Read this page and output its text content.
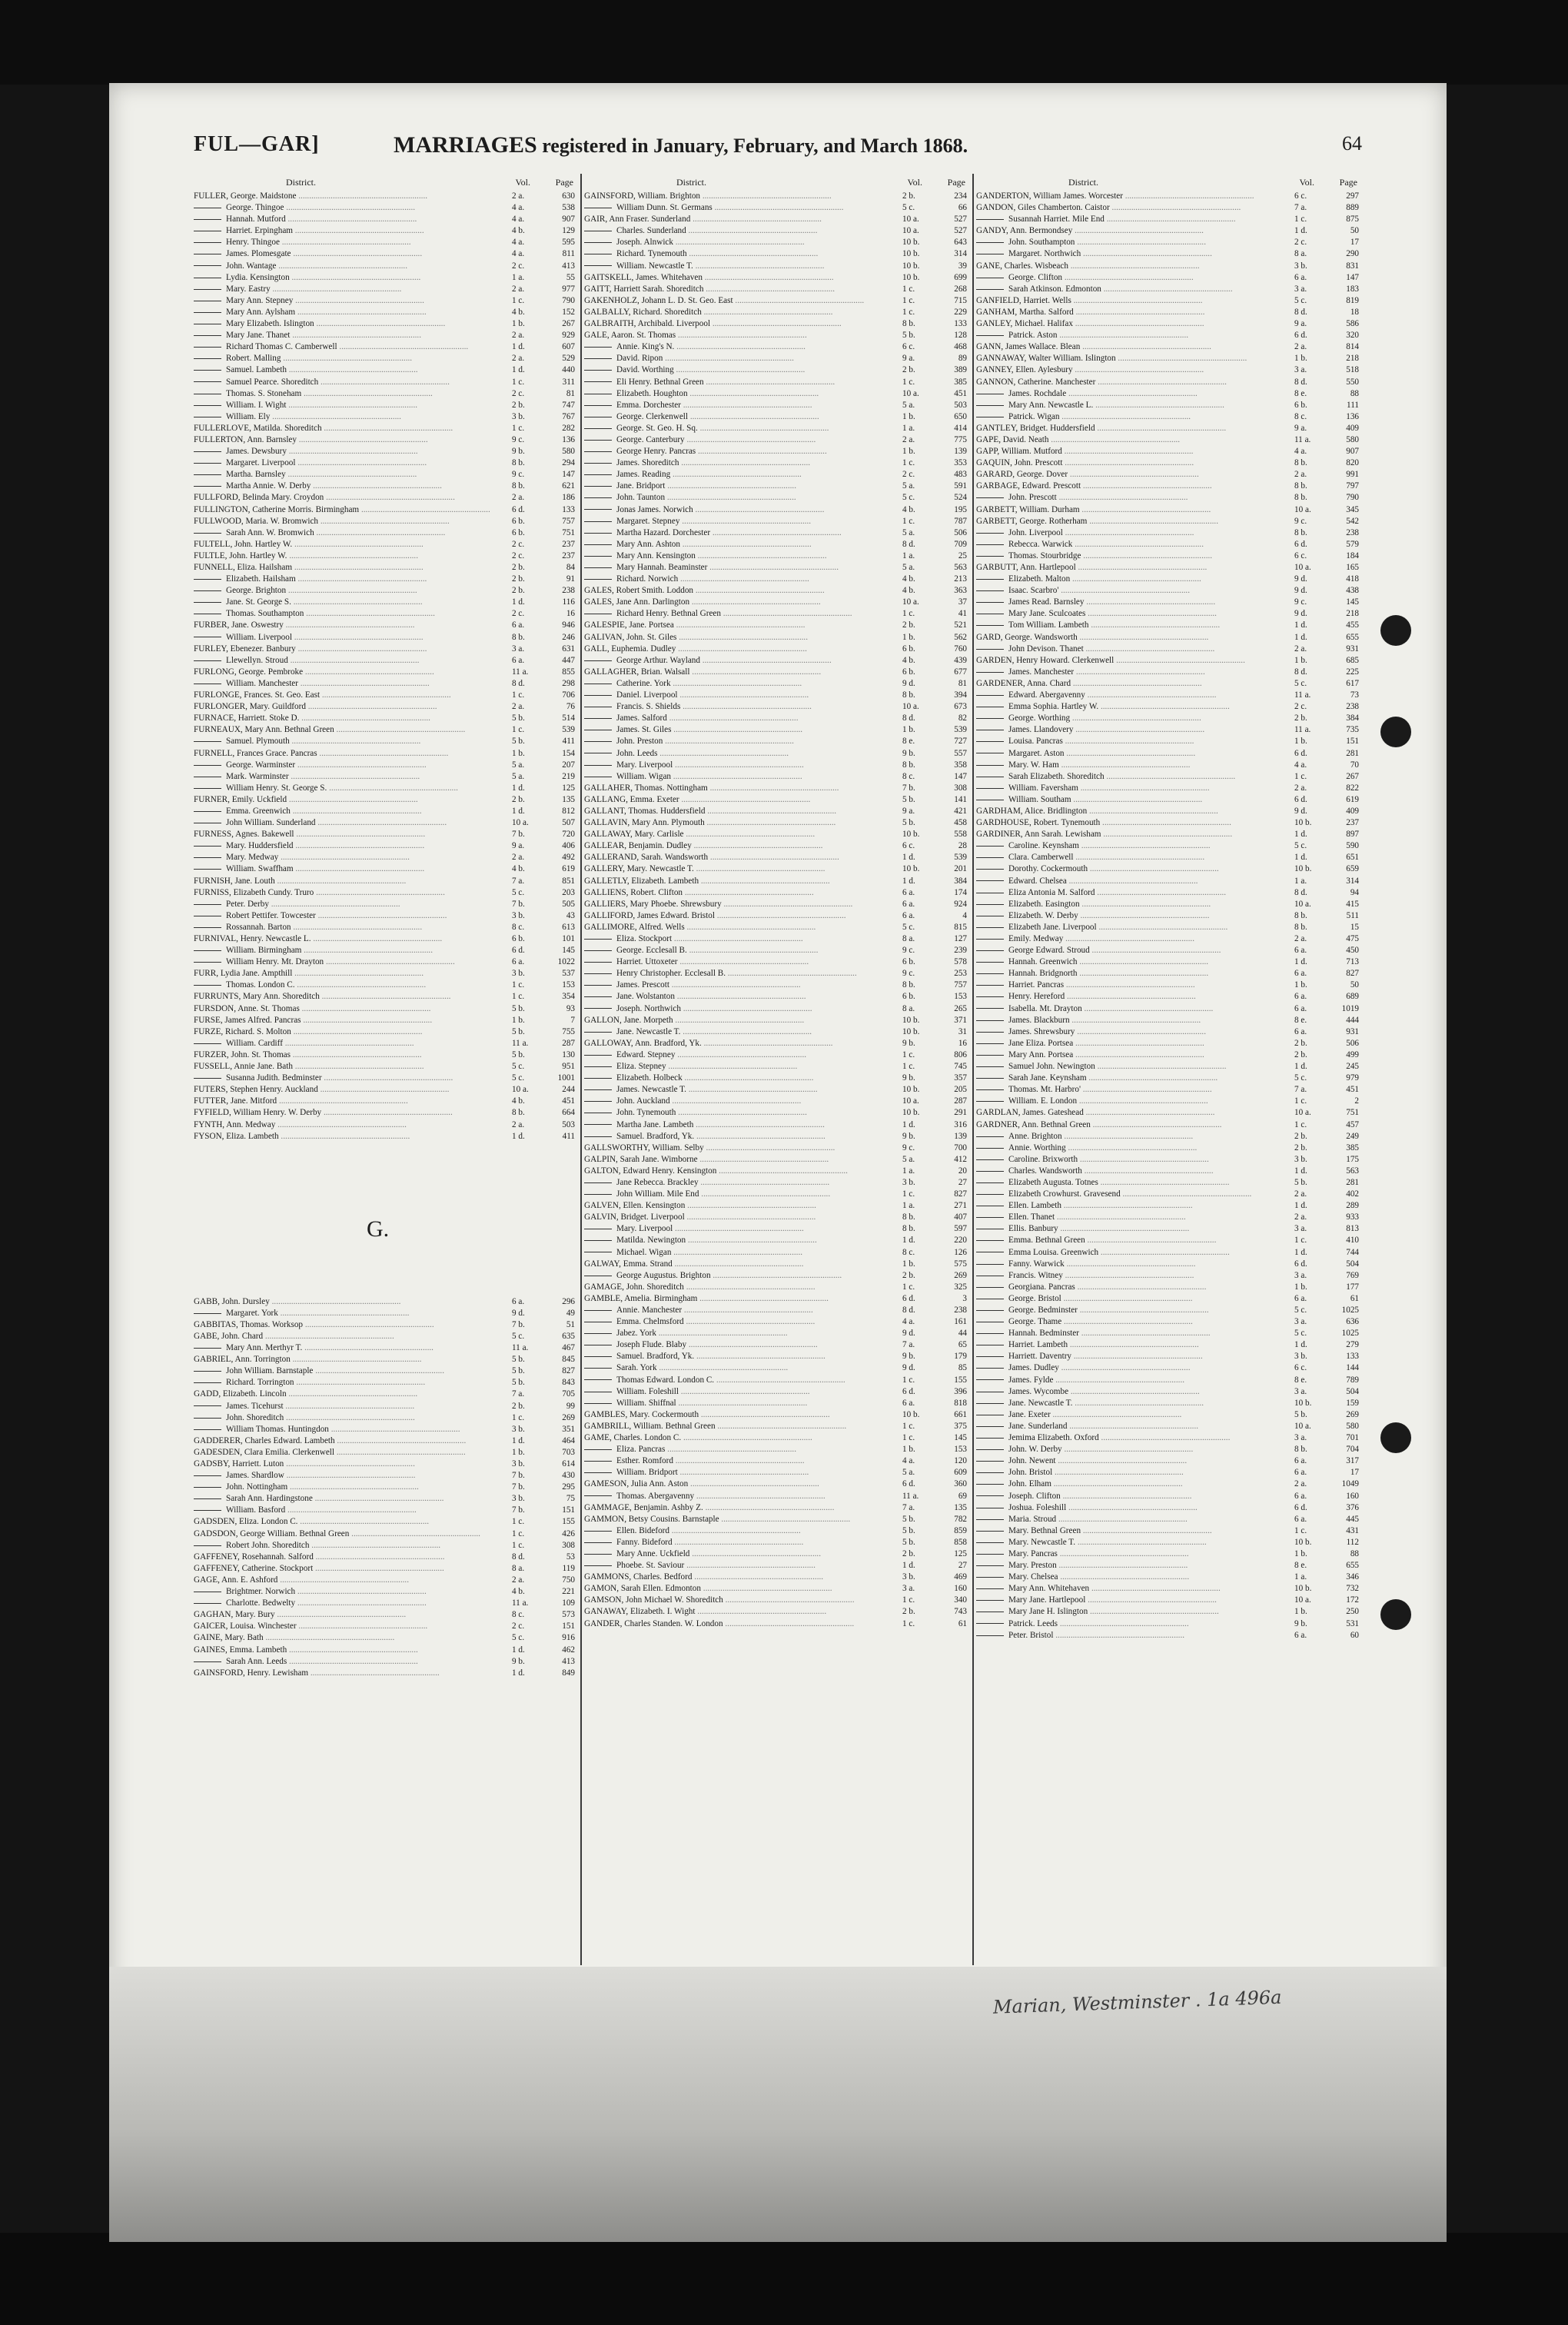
FUL—GAR]	MARRIAGES registered in January, February, and March 1868.	64
District.	Vol.	Page
FULLER, George. Maidstone ............................................................	2 a.	630
George. Thingoe ............................................................	4 a.	538
Hannah. Mutford ............................................................	4 a.	907
Harriet. Erpingham ............................................................	4 b.	129
Henry. Thingoe ............................................................	4 a.	595
James. Plomesgate ............................................................	4 a.	811
John. Wantage ............................................................	2 c.	413
Lydia. Kensington ............................................................	1 a.	55
Mary. Eastry ............................................................	2 a.	977
Mary Ann. Stepney ............................................................	1 c.	790
Mary Ann. Aylsham ............................................................	4 b.	152
Mary Elizabeth. Islington ............................................................	1 b.	267
Mary Jane. Thanet ............................................................	2 a.	929
Richard Thomas C. Camberwell ............................................................	1 d.	607
Robert. Malling ............................................................	2 a.	529
Samuel. Lambeth ............................................................	1 d.	440
Samuel Pearce. Shoreditch ............................................................	1 c.	311
Thomas. S. Stoneham ............................................................	2 c.	81
William. I. Wight ............................................................	2 b.	747
William. Ely ............................................................	3 b.	767
FULLERLOVE, Matilda. Shoreditch ............................................................	1 c.	282
FULLERTON, Ann. Barnsley ............................................................	9 c.	136
James. Dewsbury ............................................................	9 b.	580
Margaret. Liverpool ............................................................	8 b.	294
Martha. Barnsley ............................................................	9 c.	147
Martha Annie. W. Derby ............................................................	8 b.	621
FULLFORD, Belinda Mary. Croydon ............................................................	2 a.	186
FULLINGTON, Catherine Morris. Birmingham ............................................................	6 d.	133
FULLWOOD, Maria. W. Bromwich ............................................................	6 b.	757
Sarah Ann. W. Bromwich ............................................................	6 b.	751
FULTELL, John. Hartley W. ............................................................	2 c.	237
FULTLE, John. Hartley W. ............................................................	2 c.	237
FUNNELL, Eliza. Hailsham ............................................................	2 b.	84
Elizabeth. Hailsham ............................................................	2 b.	91
George. Brighton ............................................................	2 b.	238
Jane. St. George S. ............................................................	1 d.	116
Thomas. Southampton ............................................................	2 c.	16
FURBER, Jane. Oswestry ............................................................	6 a.	946
William. Liverpool ............................................................	8 b.	246
FURLEY, Ebenezer. Banbury ............................................................	3 a.	631
Llewellyn. Stroud ............................................................	6 a.	447
FURLONG, George. Pembroke ............................................................	11 a.	855
William. Manchester ............................................................	8 d.	298
FURLONGE, Frances. St. Geo. East ............................................................	1 c.	706
FURLONGER, Mary. Guildford ............................................................	2 a.	76
FURNACE, Harriett. Stoke D. ............................................................	5 b.	514
FURNEAUX, Mary Ann. Bethnal Green ............................................................	1 c.	539
Samuel. Plymouth ............................................................	5 b.	411
FURNELL, Frances Grace. Pancras ............................................................	1 b.	154
George. Warminster ............................................................	5 a.	207
Mark. Warminster ............................................................	5 a.	219
William Henry. St. George S. ............................................................	1 d.	125
FURNER, Emily. Uckfield ............................................................	2 b.	135
Emma. Greenwich ............................................................	1 d.	812
John William. Sunderland ............................................................	10 a.	507
FURNESS, Agnes. Bakewell ............................................................	7 b.	720
Mary. Huddersfield ............................................................	9 a.	406
Mary. Medway ............................................................	2 a.	492
William. Swaffham ............................................................	4 b.	619
FURNISH, Jane. Louth ............................................................	7 a.	851
FURNISS, Elizabeth Cundy. Truro ............................................................	5 c.	203
Peter. Derby ............................................................	7 b.	505
Robert Pettifer. Towcester ............................................................	3 b.	43
Rossannah. Barton ............................................................	8 c.	613
FURNIVAL, Henry. Newcastle L. ............................................................	6 b.	101
William. Birmingham ............................................................	6 d.	145
William Henry. Mt. Drayton ............................................................	6 a.	1022
FURR, Lydia Jane. Ampthill ............................................................	3 b.	537
Thomas. London C. ............................................................	1 c.	153
FURRUNTS, Mary Ann. Shoreditch ............................................................	1 c.	354
FURSDON, Anne. St. Thomas ............................................................	5 b.	93
FURSE, James Alfred. Pancras ............................................................	1 b.	7
FURZE, Richard. S. Molton ............................................................	5 b.	755
William. Cardiff ............................................................	11 a.	287
FURZER, John. St. Thomas ............................................................	5 b.	130
FUSSELL, Annie Jane. Bath ............................................................	5 c.	951
Susanna Judith. Bedminster ............................................................	5 c.	1001
FUTERS, Stephen Henry. Auckland ............................................................	10 a.	244
FUTTER, Jane. Mitford ............................................................	4 b.	451
FYFIELD, William Henry. W. Derby ............................................................	8 b.	664
FYNTH, Ann. Medway ............................................................	2 a.	503
FYSON, Eliza. Lambeth ............................................................	1 d.	411
G.
GABB, John. Dursley ............................................................	6 a.	296
Margaret. York ............................................................	9 d.	49
GABBITAS, Thomas. Worksop ............................................................	7 b.	51
GABE, John. Chard ............................................................	5 c.	635
Mary Ann. Merthyr T. ............................................................	11 a.	467
GABRIEL, Ann. Torrington ............................................................	5 b.	845
John William. Barnstaple ............................................................	5 b.	827
Richard. Torrington ............................................................	5 b.	843
GADD, Elizabeth. Lincoln ............................................................	7 a.	705
James. Ticehurst ............................................................	2 b.	99
John. Shoreditch ............................................................	1 c.	269
William Thomas. Huntingdon ............................................................	3 b.	351
GADDERER, Charles Edward. Lambeth ............................................................	1 d.	464
GADESDEN, Clara Emilia. Clerkenwell ............................................................	1 b.	703
GADSBY, Harriett. Luton ............................................................	3 b.	614
James. Shardlow ............................................................	7 b.	430
John. Nottingham ............................................................	7 b.	295
Sarah Ann. Hardingstone ............................................................	3 b.	75
William. Basford ............................................................	7 b.	151
GADSDEN, Eliza. London C. ............................................................	1 c.	155
GADSDON, George William. Bethnal Green ............................................................	1 c.	426
Robert John. Shoreditch ............................................................	1 c.	308
GAFFENEY, Rosehannah. Salford ............................................................	8 d.	53
GAFFENEY, Catherine. Stockport ............................................................	8 a.	119
GAGE, Ann. E. Ashford ............................................................	2 a.	750
Brightmer. Norwich ............................................................	4 b.	221
Charlotte. Bedwelty ............................................................	11 a.	109
GAGHAN, Mary. Bury ............................................................	8 c.	573
GAICER, Louisa. Winchester ............................................................	2 c.	151
GAINE, Mary. Bath ............................................................	5 c.	916
GAINES, Emma. Lambeth ............................................................	1 d.	462
Sarah Ann. Leeds ............................................................	9 b.	413
GAINSFORD, Henry. Lewisham ............................................................	1 d.	849
District.	Vol.	Page
GAINSFORD, William. Brighton ............................................................	2 b.	234
William Dunn. St. Germans ............................................................	5 c.	66
GAIR, Ann Fraser. Sunderland ............................................................	10 a.	527
Charles. Sunderland ............................................................	10 a.	527
Joseph. Alnwick ............................................................	10 b.	643
Richard. Tynemouth ............................................................	10 b.	314
William. Newcastle T. ............................................................	10 b.	39
GAITSKELL, James. Whitehaven ............................................................	10 b.	699
GAITT, Harriett Sarah. Shoreditch ............................................................	1 c.	268
GAKENHOLZ, Johann L. D. St. Geo. East ............................................................	1 c.	715
GALBALLY, Richard. Shoreditch ............................................................	1 c.	229
GALBRAITH, Archibald. Liverpool ............................................................	8 b.	133
GALE, Aaron. St. Thomas ............................................................	5 b.	128
Annie. King's N. ............................................................	6 c.	468
David. Ripon ............................................................	9 a.	89
David. Worthing ............................................................	2 b.	389
Eli Henry. Bethnal Green ............................................................	1 c.	385
Elizabeth. Houghton ............................................................	10 a.	451
Emma. Dorchester ............................................................	5 a.	503
George. Clerkenwell ............................................................	1 b.	650
George. St. Geo. H. Sq. ............................................................	1 a.	414
George. Canterbury ............................................................	2 a.	775
George Henry. Pancras ............................................................	1 b.	139
James. Shoreditch ............................................................	1 c.	353
James. Reading ............................................................	2 c.	483
Jane. Bridport ............................................................	5 a.	591
John. Taunton ............................................................	5 c.	524
Jonas James. Norwich ............................................................	4 b.	195
Margaret. Stepney ............................................................	1 c.	787
Martha Hazard. Dorchester ............................................................	5 a.	506
Mary Ann. Ashton ............................................................	8 d.	709
Mary Ann. Kensington ............................................................	1 a.	25
Mary Hannah. Beaminster ............................................................	5 a.	563
Richard. Norwich ............................................................	4 b.	213
GALES, Robert Smith. Loddon ............................................................	4 b.	363
GALES, Jane Ann. Darlington ............................................................	10 a.	37
Richard Henry. Bethnal Green ............................................................	1 c.	41
GALESPIE, Jane. Portsea ............................................................	2 b.	521
GALIVAN, John. St. Giles ............................................................	1 b.	562
GALL, Euphemia. Dudley ............................................................	6 b.	760
George Arthur. Wayland ............................................................	4 b.	439
GALLAGHER, Brian. Walsall ............................................................	6 b.	677
Catherine. York ............................................................	9 d.	81
Daniel. Liverpool ............................................................	8 b.	394
Francis. S. Shields ............................................................	10 a.	673
James. Salford ............................................................	8 d.	82
James. St. Giles ............................................................	1 b.	539
John. Preston ............................................................	8 e.	727
John. Leeds ............................................................	9 b.	557
Mary. Liverpool ............................................................	8 b.	358
William. Wigan ............................................................	8 c.	147
GALLAHER, Thomas. Nottingham ............................................................	7 b.	308
GALLANG, Emma. Exeter ............................................................	5 b.	141
GALLANT, Thomas. Huddersfield ............................................................	9 a.	421
GALLAVIN, Mary Ann. Plymouth ............................................................	5 b.	458
GALLAWAY, Mary. Carlisle ............................................................	10 b.	558
GALLEAR, Benjamin. Dudley ............................................................	6 c.	28
GALLERAND, Sarah. Wandsworth ............................................................	1 d.	539
GALLERY, Mary. Newcastle T. ............................................................	10 b.	201
GALLETLY, Elizabeth. Lambeth ............................................................	1 d.	384
GALLIENS, Robert. Clifton ............................................................	6 a.	174
GALLIERS, Mary Phoebe. Shrewsbury ............................................................	6 a.	924
GALLIFORD, James Edward. Bristol ............................................................	6 a.	4
GALLIMORE, Alfred. Wells ............................................................	5 c.	815
Eliza. Stockport ............................................................	8 a.	127
George. Ecclesall B. ............................................................	9 c.	239
Harriet. Uttoxeter ............................................................	6 b.	578
Henry Christopher. Ecclesall B. ............................................................	9 c.	253
James. Prescott ............................................................	8 b.	757
Jane. Wolstanton ............................................................	6 b.	153
Joseph. Northwich ............................................................	8 a.	265
GALLON, Jane. Morpeth ............................................................	10 b.	371
Jane. Newcastle T. ............................................................	10 b.	31
GALLOWAY, Ann. Bradford, Yk. ............................................................	9 b.	16
Edward. Stepney ............................................................	1 c.	806
Eliza. Stepney ............................................................	1 c.	745
Elizabeth. Holbeck ............................................................	9 b.	357
James. Newcastle T. ............................................................	10 b.	205
John. Auckland ............................................................	10 a.	287
John. Tynemouth ............................................................	10 b.	291
Martha Jane. Lambeth ............................................................	1 d.	316
Samuel. Bradford, Yk. ............................................................	9 b.	139
GALLSWORTHY, William. Selby ............................................................	9 c.	700
GALPIN, Sarah Jane. Wimborne ............................................................	5 a.	412
GALTON, Edward Henry. Kensington ............................................................	1 a.	20
Jane Rebecca. Brackley ............................................................	3 b.	27
John William. Mile End ............................................................	1 c.	827
GALVEN, Ellen. Kensington ............................................................	1 a.	271
GALVIN, Bridget. Liverpool ............................................................	8 b.	407
Mary. Liverpool ............................................................	8 b.	597
Matilda. Newington ............................................................	1 d.	220
Michael. Wigan ............................................................	8 c.	126
GALWAY, Emma. Strand ............................................................	1 b.	575
George Augustus. Brighton ............................................................	2 b.	269
GAMAGE, John. Shoreditch ............................................................	1 c.	325
GAMBLE, Amelia. Birmingham ............................................................	6 d.	3
Annie. Manchester ............................................................	8 d.	238
Emma. Chelmsford ............................................................	4 a.	161
Jabez. York ............................................................	9 d.	44
Joseph Flude. Blaby ............................................................	7 a.	65
Samuel. Bradford, Yk. ............................................................	9 b.	179
Sarah. York ............................................................	9 d.	85
Thomas Edward. London C. ............................................................	1 c.	155
William. Foleshill ............................................................	6 d.	396
William. Shiffnal ............................................................	6 a.	818
GAMBLES, Mary. Cockermouth ............................................................	10 b.	661
GAMBRILL, William. Bethnal Green ............................................................	1 c.	375
GAME, Charles. London C. ............................................................	1 c.	145
Eliza. Pancras ............................................................	1 b.	153
Esther. Romford ............................................................	4 a.	120
William. Bridport ............................................................	5 a.	609
GAMESON, Julia Ann. Aston ............................................................	6 d.	360
Thomas. Abergavenny ............................................................	11 a.	69
GAMMAGE, Benjamin. Ashby Z. ............................................................	7 a.	135
GAMMON, Betsy Cousins. Barnstaple ............................................................	5 b.	782
Ellen. Bideford ............................................................	5 b.	859
Fanny. Bideford ............................................................	5 b.	858
Mary Anne. Uckfield ............................................................	2 b.	125
Phoebe. St. Saviour ............................................................	1 d.	27
GAMMONS, Charles. Bedford ............................................................	3 b.	469
GAMON, Sarah Ellen. Edmonton ............................................................	3 a.	160
GAMSON, John Michael W. Shoreditch ............................................................	1 c.	340
GANAWAY, Elizabeth. I. Wight ............................................................	2 b.	743
GANDER, Charles Standen. W. London ............................................................	1 c.	61
District.	Vol.	Page
GANDERTON, William James. Worcester ............................................................	6 c.	297
GANDON, Giles Chamberton. Caistor ............................................................	7 a.	889
Susannah Harriet. Mile End ............................................................	1 c.	875
GANDY, Ann. Bermondsey ............................................................	1 d.	50
John. Southampton ............................................................	2 c.	17
Margaret. Northwich ............................................................	8 a.	290
GANE, Charles. Wisbeach ............................................................	3 b.	831
George. Clifton ............................................................	6 a.	147
Sarah Atkinson. Edmonton ............................................................	3 a.	183
GANFIELD, Harriet. Wells ............................................................	5 c.	819
GANHAM, Martha. Salford ............................................................	8 d.	18
GANLEY, Michael. Halifax ............................................................	9 a.	586
Patrick. Aston ............................................................	6 d.	320
GANN, James Wallace. Blean ............................................................	2 a.	814
GANNAWAY, Walter William. Islington ............................................................	1 b.	218
GANNEY, Ellen. Aylesbury ............................................................	3 a.	518
GANNON, Catherine. Manchester ............................................................	8 d.	550
James. Rochdale ............................................................	8 e.	88
Mary Ann. Newcastle L. ............................................................	6 b.	111
Patrick. Wigan ............................................................	8 c.	136
GANTLEY, Bridget. Huddersfield ............................................................	9 a.	409
GAPE, David. Neath ............................................................	11 a.	580
GAPP, William. Mutford ............................................................	4 a.	907
GAQUIN, John. Prescott ............................................................	8 b.	820
GARARD, George. Dover ............................................................	2 a.	991
GARBAGE, Edward. Prescott ............................................................	8 b.	797
John. Prescott ............................................................	8 b.	790
GARBETT, William. Durham ............................................................	10 a.	345
GARBETT, George. Rotherham ............................................................	9 c.	542
John. Liverpool ............................................................	8 b.	238
Rebecca. Warwick ............................................................	6 d.	579
Thomas. Stourbridge ............................................................	6 c.	184
GARBUTT, Ann. Hartlepool ............................................................	10 a.	165
Elizabeth. Malton ............................................................	9 d.	418
Isaac. Scarbro' ............................................................	9 d.	438
James Read. Barnsley ............................................................	9 c.	145
Mary Jane. Sculcoates ............................................................	9 d.	218
Tom William. Lambeth ............................................................	1 d.	455
GARD, George. Wandsworth ............................................................	1 d.	655
John Devison. Thanet ............................................................	2 a.	931
GARDEN, Henry Howard. Clerkenwell ............................................................	1 b.	685
James. Manchester ............................................................	8 d.	225
GARDENER, Anna. Chard ............................................................	5 c.	617
Edward. Abergavenny ............................................................	11 a.	73
Emma Sophia. Hartley W. ............................................................	2 c.	238
George. Worthing ............................................................	2 b.	384
James. Llandovery ............................................................	11 a.	735
Louisa. Pancras ............................................................	1 b.	151
Margaret. Aston ............................................................	6 d.	281
Mary. W. Ham ............................................................	4 a.	70
Sarah Elizabeth. Shoreditch ............................................................	1 c.	267
William. Faversham ............................................................	2 a.	822
William. Southam ............................................................	6 d.	619
GARDHAM, Alice. Bridlington ............................................................	9 d.	409
GARDHOUSE, Robert. Tynemouth ............................................................	10 b.	237
GARDINER, Ann Sarah. Lewisham ............................................................	1 d.	897
Caroline. Keynsham ............................................................	5 c.	590
Clara. Camberwell ............................................................	1 d.	651
Dorothy. Cockermouth ............................................................	10 b.	659
Edward. Chelsea ............................................................	1 a.	314
Eliza Antonia M. Salford ............................................................	8 d.	94
Elizabeth. Easington ............................................................	10 a.	415
Elizabeth. W. Derby ............................................................	8 b.	511
Elizabeth Jane. Liverpool ............................................................	8 b.	15
Emily. Medway ............................................................	2 a.	475
George Edward. Stroud ............................................................	6 a.	450
Hannah. Greenwich ............................................................	1 d.	713
Hannah. Bridgnorth ............................................................	6 a.	827
Harriet. Pancras ............................................................	1 b.	50
Henry. Hereford ............................................................	6 a.	689
Isabella. Mt. Drayton ............................................................	6 a.	1019
James. Blackburn ............................................................	8 e.	444
James. Shrewsbury ............................................................	6 a.	931
Jane Eliza. Portsea ............................................................	2 b.	506
Mary Ann. Portsea ............................................................	2 b.	499
Samuel John. Newington ............................................................	1 d.	245
Sarah Jane. Keynsham ............................................................	5 c.	979
Thomas. Mt. Harbro' ............................................................	7 a.	451
William. E. London ............................................................	1 c.	2
GARDLAN, James. Gateshead ............................................................	10 a.	751
GARDNER, Ann. Bethnal Green ............................................................	1 c.	457
Anne. Brighton ............................................................	2 b.	249
Annie. Worthing ............................................................	2 b.	385
Caroline. Brixworth ............................................................	3 b.	175
Charles. Wandsworth ............................................................	1 d.	563
Elizabeth Augusta. Totnes ............................................................	5 b.	281
Elizabeth Crowhurst. Gravesend ............................................................	2 a.	402
Ellen. Lambeth ............................................................	1 d.	289
Ellen. Thanet ............................................................	2 a.	933
Ellis. Banbury ............................................................	3 a.	813
Emma. Bethnal Green ............................................................	1 c.	410
Emma Louisa. Greenwich ............................................................	1 d.	744
Fanny. Warwick ............................................................	6 d.	504
Francis. Witney ............................................................	3 a.	769
Georgiana. Pancras ............................................................	1 b.	177
George. Bristol ............................................................	6 a.	61
George. Bedminster ............................................................	5 c.	1025
George. Thame ............................................................	3 a.	636
Hannah. Bedminster ............................................................	5 c.	1025
Harriet. Lambeth ............................................................	1 d.	279
Harriett. Daventry ............................................................	3 b.	133
James. Dudley ............................................................	6 c.	144
James. Fylde ............................................................	8 e.	789
James. Wycombe ............................................................	3 a.	504
Jane. Newcastle T. ............................................................	10 b.	159
Jane. Exeter ............................................................	5 b.	269
Jane. Sunderland ............................................................	10 a.	580
Jemima Elizabeth. Oxford ............................................................	3 a.	701
John. W. Derby ............................................................	8 b.	704
John. Newent ............................................................	6 a.	317
John. Bristol ............................................................	6 a.	17
John. Elham ............................................................	2 a.	1049
Joseph. Clifton ............................................................	6 a.	160
Joshua. Foleshill ............................................................	6 d.	376
Maria. Stroud ............................................................	6 a.	445
Mary. Bethnal Green ............................................................	1 c.	431
Mary. Newcastle T. ............................................................	10 b.	112
Mary. Pancras ............................................................	1 b.	88
Mary. Preston ............................................................	8 e.	655
Mary. Chelsea ............................................................	1 a.	346
Mary Ann. Whitehaven ............................................................	10 b.	732
Mary Jane. Hartlepool ............................................................	10 a.	172
Mary Jane H. Islington ............................................................	1 b.	250
Patrick. Leeds ............................................................	9 b.	531
Peter. Bristol ............................................................	6 a.	60
Marian, Westminster . 1a 496a
